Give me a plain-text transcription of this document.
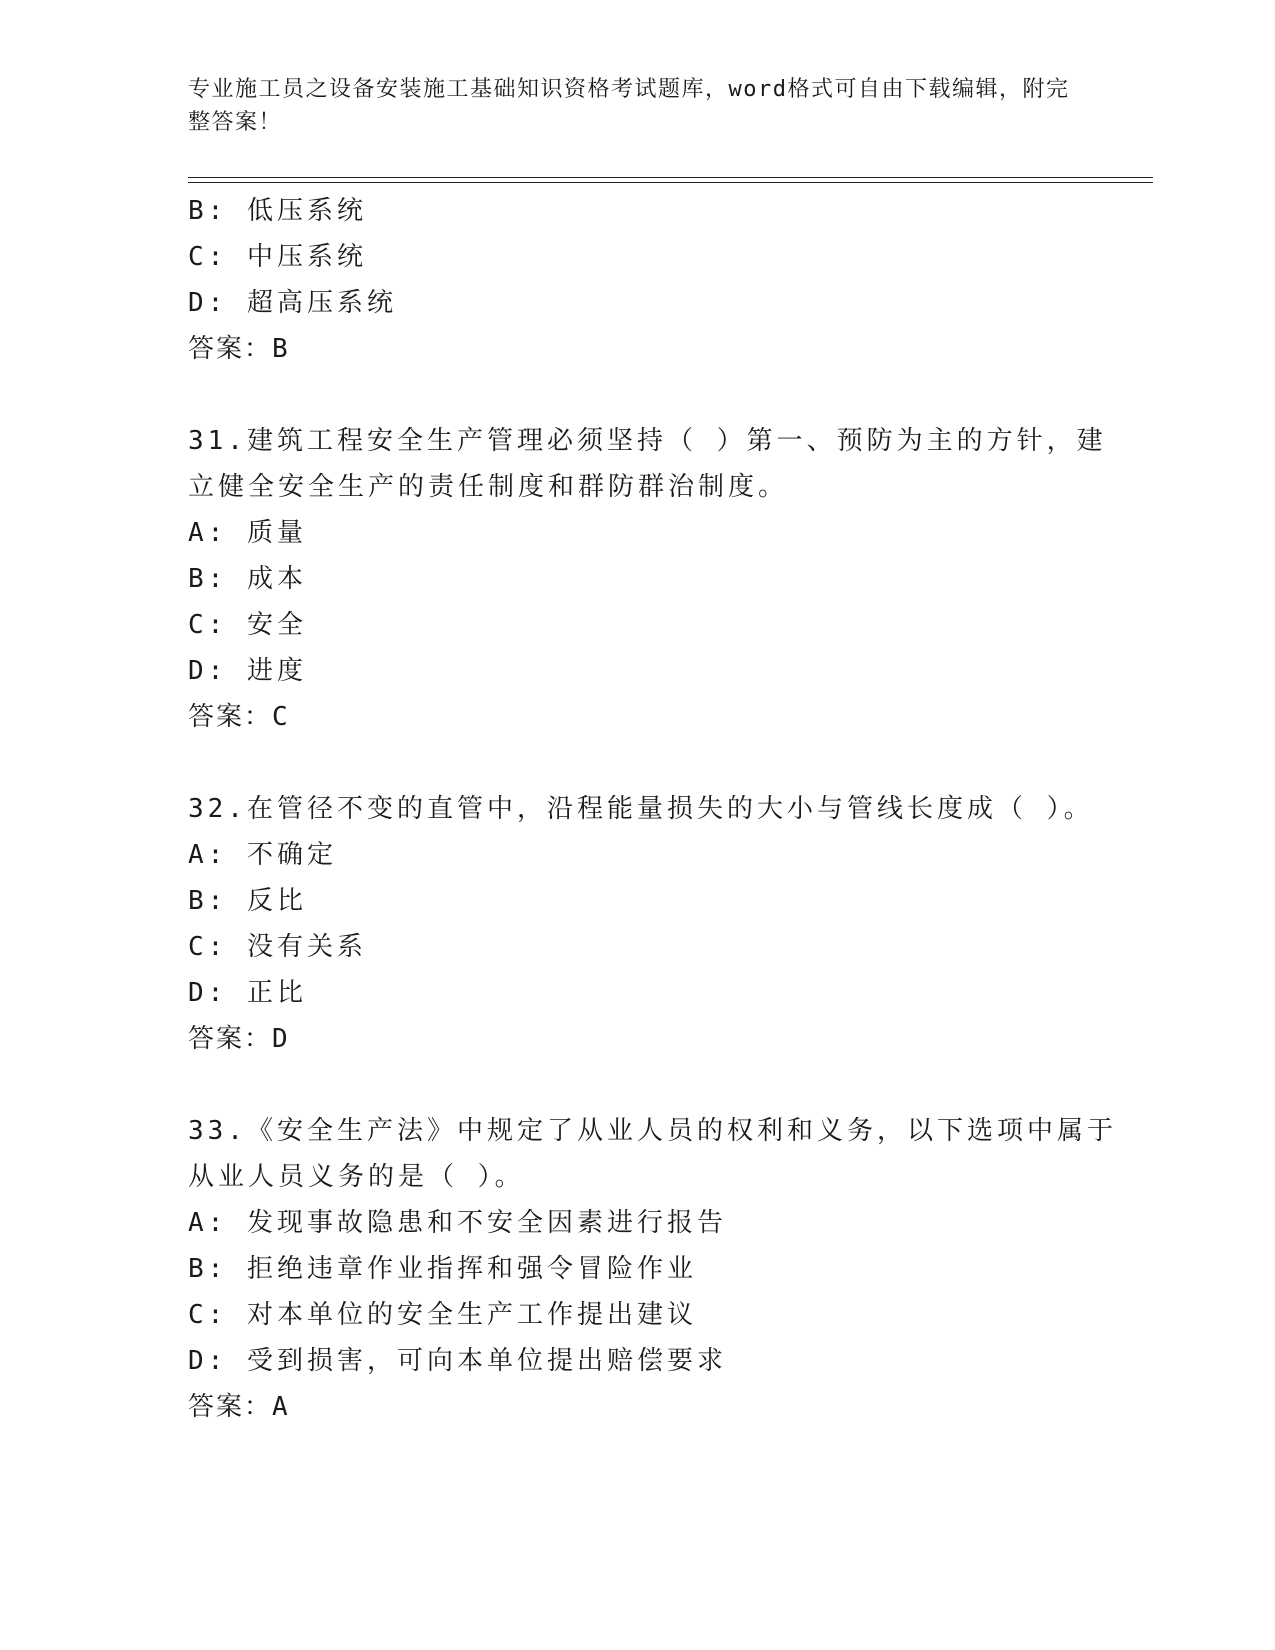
专业施工员之设备安装施工基础知识资格考试题库，word格式可自由下载编辑，附完整答案！
B: 低压系统
C: 中压系统
D: 超高压系统
答案：B
31.建筑工程安全生产管理必须坚持（ ）第一、预防为主的方针，建
立健全安全生产的责任制度和群防群治制度。
A: 质量
B: 成本
C: 安全
D: 进度
答案：C
32.在管径不变的直管中，沿程能量损失的大小与管线长度成（ ）。
A: 不确定
B: 反比
C: 没有关系
D: 正比
答案：D
33.《安全生产法》中规定了从业人员的权利和义务，以下选项中属于
从业人员义务的是（ ）。
A: 发现事故隐患和不安全因素进行报告
B: 拒绝违章作业指挥和强令冒险作业
C: 对本单位的安全生产工作提出建议
D: 受到损害，可向本单位提出赔偿要求
答案：A
